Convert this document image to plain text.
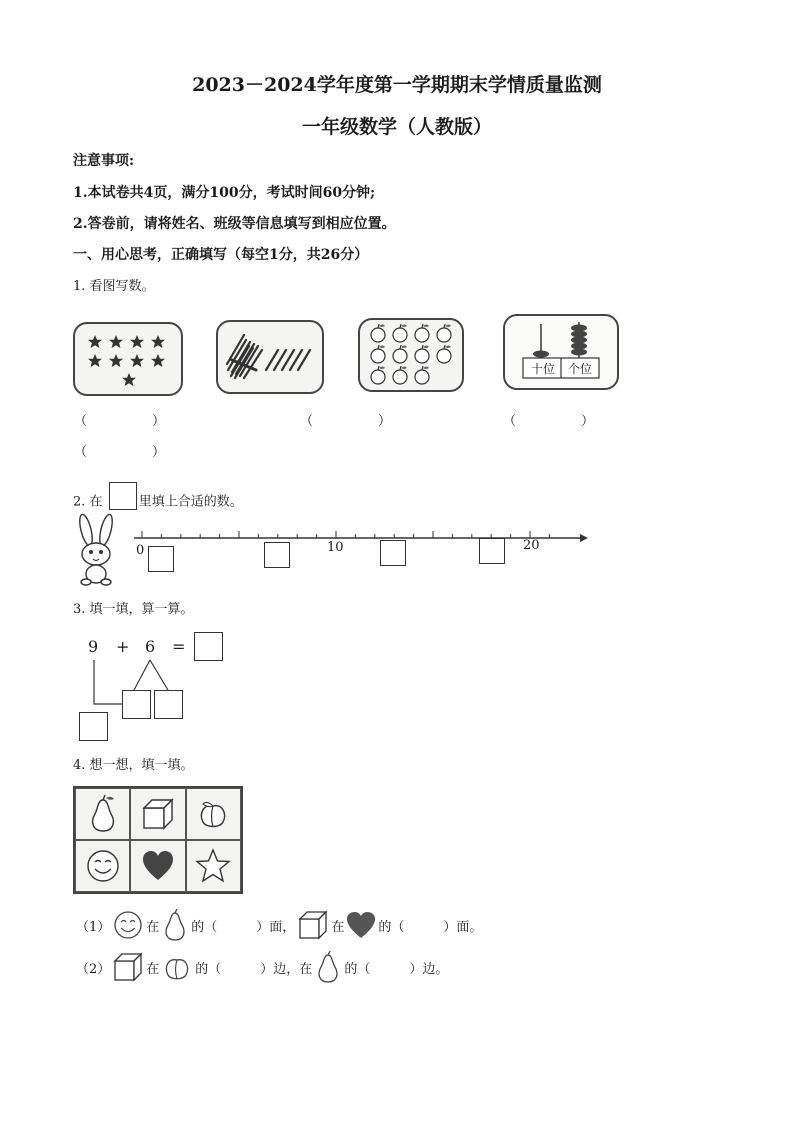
2023－2024学年度第一学期期末学情质量监测
一年级数学（人教版）
注意事项:
1.本试卷共4页，满分100分，考试时间60分钟;
2.答卷前，请将姓名、班级等信息填写到相应位置。
一、用心思考，正确填写（每空1分，共26分）
1. 看图写数。
十位	个位
（　　　　　）	（　　　　　）	（　　　　　）
（　　　　　）
2. 在	里填上合适的数。
0	10	20
3. 填一填，算一算。
9 + 6 =
4. 想一想，填一填。
（1）	在 的（　　　）面，	在	的（　　　）面。
（2）	在	的（　　　）边，在 的（　　　）边。
